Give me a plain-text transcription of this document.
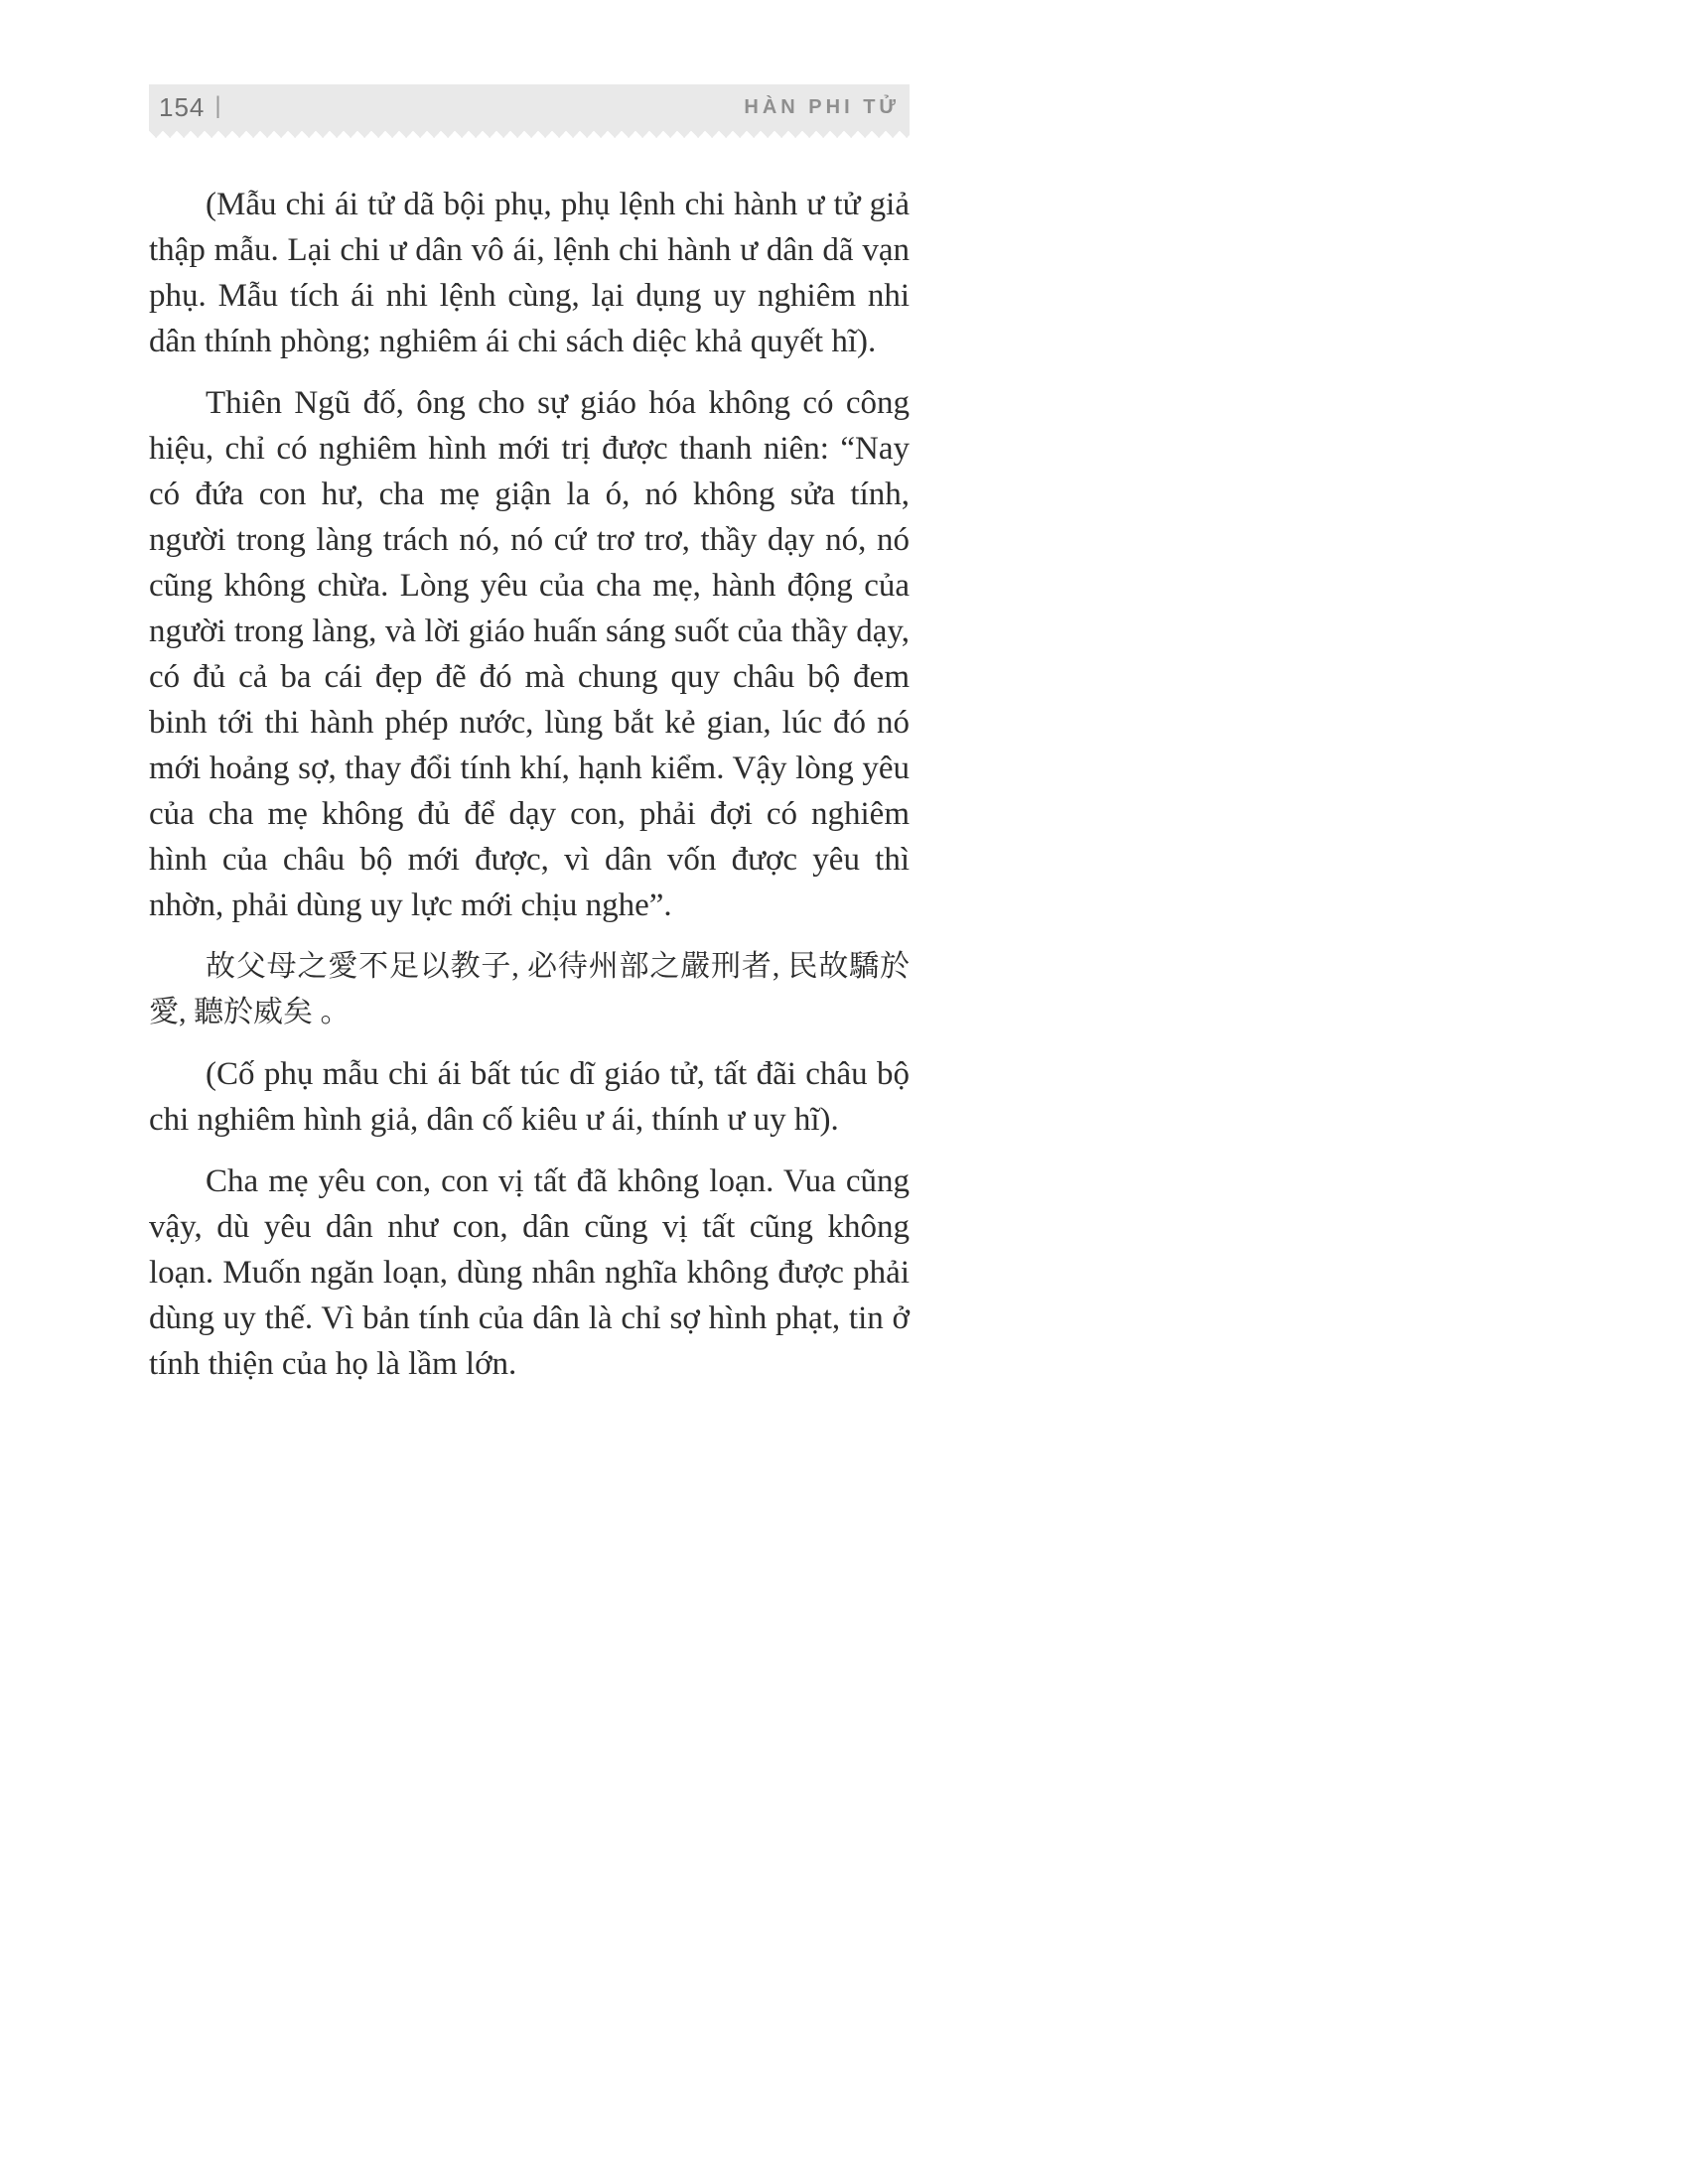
154 |	HÀN PHI TỬ

(Mẫu chi ái tử dã bội phụ, phụ lệnh chi hành ư tử giả thập mẫu. Lại chi ư dân vô ái, lệnh chi hành ư dân dã vạn phụ. Mẫu tích ái nhi lệnh cùng, lại dụng uy nghiêm nhi dân thính phòng; nghiêm ái chi sách diệc khả quyết hĩ).

Thiên Ngũ đố, ông cho sự giáo hóa không có công hiệu, chỉ có nghiêm hình mới trị được thanh niên: “Nay có đứa con hư, cha mẹ giận la ó, nó không sửa tính, người trong làng trách nó, nó cứ trơ trơ, thầy dạy nó, nó cũng không chừa. Lòng yêu của cha mẹ, hành động của người trong làng, và lời giáo huấn sáng suốt của thầy dạy, có đủ cả ba cái đẹp đẽ đó mà chung quy châu bộ đem binh tới thi hành phép nước, lùng bắt kẻ gian, lúc đó nó mới hoảng sợ, thay đổi tính khí, hạnh kiểm. Vậy lòng yêu của cha mẹ không đủ để dạy con, phải đợi có nghiêm hình của châu bộ mới được, vì dân vốn được yêu thì nhờn, phải dùng uy lực mới chịu nghe”.

故父母之愛不足以教子, 必待州部之嚴刑者, 民故驕於愛, 聽於威矣 。

(Cố phụ mẫu chi ái bất túc dĩ giáo tử, tất đãi châu bộ chi nghiêm hình giả, dân cố kiêu ư ái, thính ư uy hĩ).

Cha mẹ yêu con, con vị tất đã không loạn. Vua cũng vậy, dù yêu dân như con, dân cũng vị tất cũng không loạn. Muốn ngăn loạn, dùng nhân nghĩa không được phải dùng uy thế. Vì bản tính của dân là chỉ sợ hình phạt, tin ở tính thiện của họ là lầm lớn.
